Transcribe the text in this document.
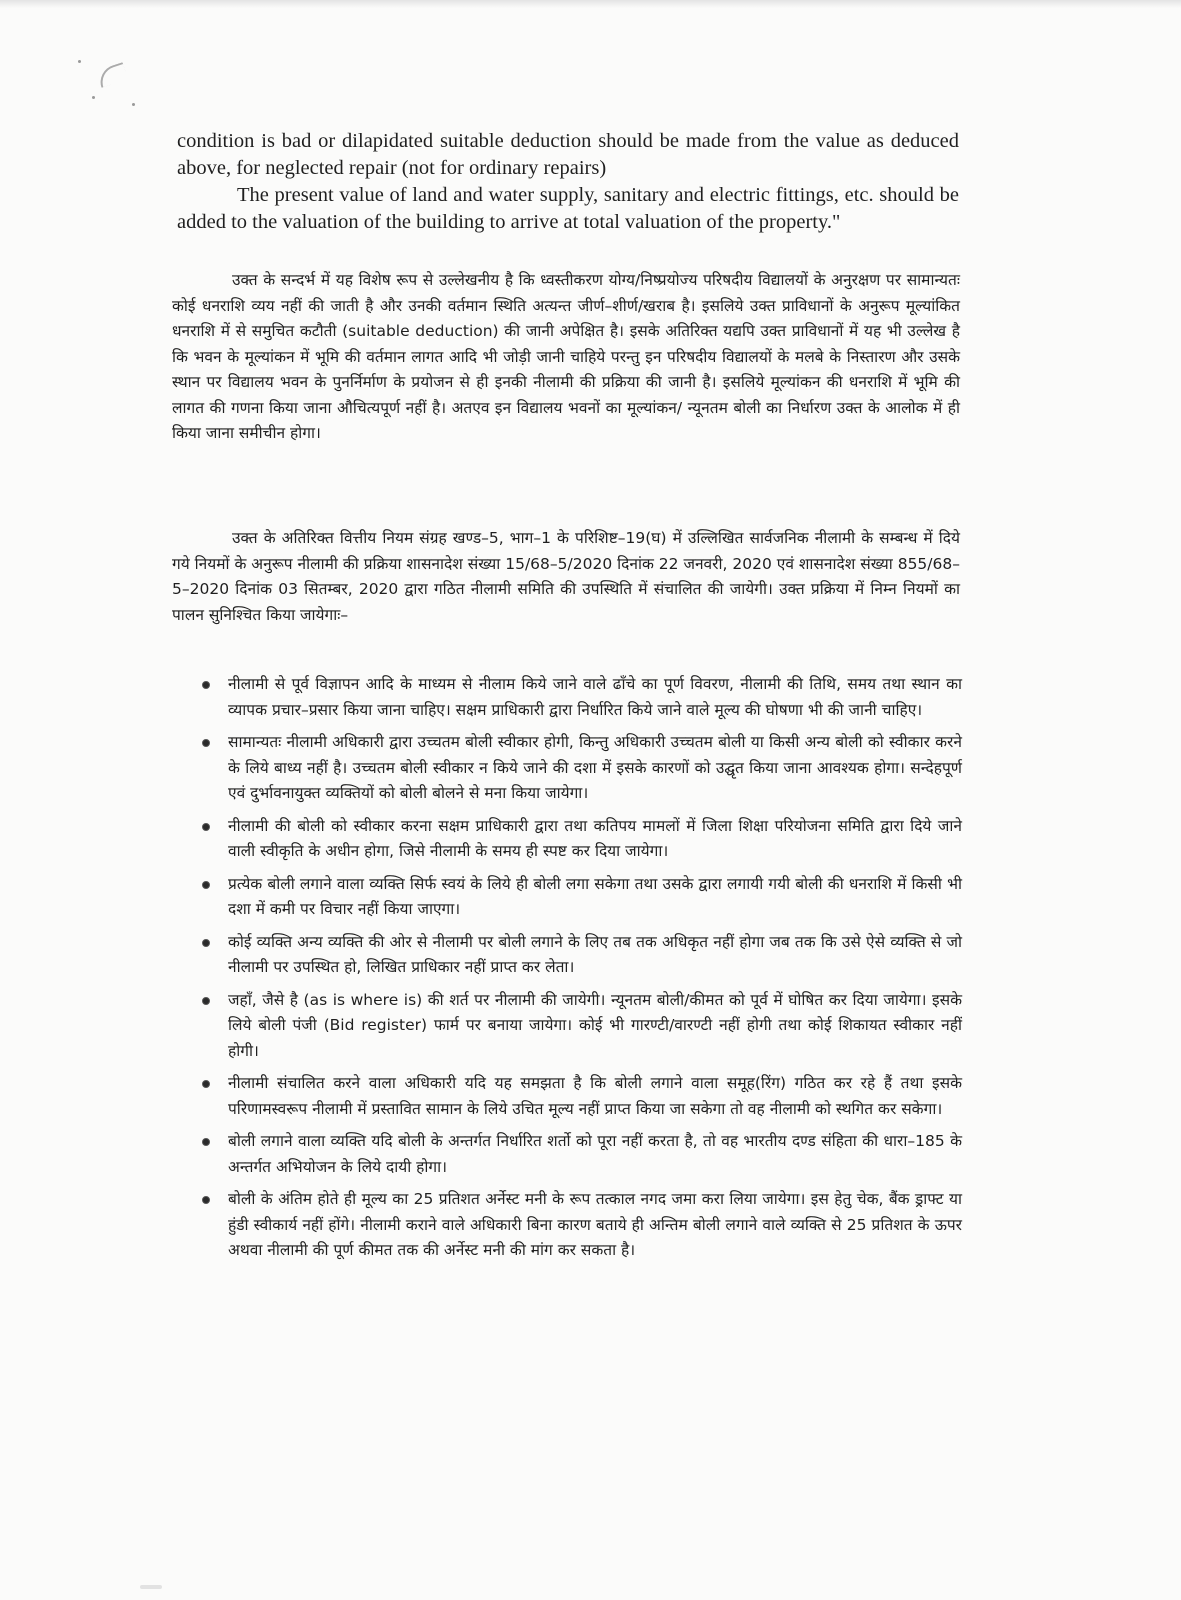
condition is bad or dilapidated suitable deduction should be made from the value as deduced above, for neglected repair (not for ordinary repairs)

The present value of land and water supply, sanitary and electric fittings, etc. should be added to the valuation of the building to arrive at total valuation of the property."

उक्त के सन्दर्भ में यह विशेष रूप से उल्लेखनीय है कि ध्वस्तीकरण योग्य/निष्प्रयोज्य परिषदीय विद्यालयों के अनुरक्षण पर सामान्यतः कोई धनराशि व्यय नहीं की जाती है और उनकी वर्तमान स्थिति अत्यन्त जीर्ण–शीर्ण/खराब है। इसलिये उक्त प्राविधानों के अनुरूप मूल्यांकित धनराशि में से समुचित कटौती (suitable deduction) की जानी अपेक्षित है। इसके अतिरिक्त यद्यपि उक्त प्राविधानों में यह भी उल्लेख है कि भवन के मूल्यांकन में भूमि की वर्तमान लागत आदि भी जोड़ी जानी चाहिये परन्तु इन परिषदीय विद्यालयों के मलबे के निस्तारण और उसके स्थान पर विद्यालय भवन के पुनर्निर्माण के प्रयोजन से ही इनकी नीलामी की प्रक्रिया की जानी है। इसलिये मूल्यांकन की धनराशि में भूमि की लागत की गणना किया जाना औचित्यपूर्ण नहीं है। अतएव इन विद्यालय भवनों का मूल्यांकन/ न्यूनतम बोली का निर्धारण उक्त के आलोक में ही किया जाना समीचीन होगा।

उक्त के अतिरिक्त वित्तीय नियम संग्रह खण्ड–5, भाग–1 के परिशिष्ट–19(घ) में उल्लिखित सार्वजनिक नीलामी के सम्बन्ध में दिये गये नियमों के अनुरूप नीलामी की प्रक्रिया शासनादेश संख्या 15/68–5/2020 दिनांक 22 जनवरी, 2020 एवं शासनादेश संख्या 855/68–5–2020 दिनांक 03 सितम्बर, 2020 द्वारा गठित नीलामी समिति की उपस्थिति में संचालित की जायेगी। उक्त प्रक्रिया में निम्न नियमों का पालन सुनिश्चित किया जायेगाः–

नीलामी से पूर्व विज्ञापन आदि के माध्यम से नीलाम किये जाने वाले ढाँचे का पूर्ण विवरण, नीलामी की तिथि, समय तथा स्थान का व्यापक प्रचार–प्रसार किया जाना चाहिए। सक्षम प्राधिकारी द्वारा निर्धारित किये जाने वाले मूल्य की घोषणा भी की जानी चाहिए।
सामान्यतः नीलामी अधिकारी द्वारा उच्चतम बोली स्वीकार होगी, किन्तु अधिकारी उच्चतम बोली या किसी अन्य बोली को स्वीकार करने के लिये बाध्य नहीं है। उच्चतम बोली स्वीकार न किये जाने की दशा में इसके कारणों को उद्घृत किया जाना आवश्यक होगा। सन्देहपूर्ण एवं दुर्भावनायुक्त व्यक्तियों को बोली बोलने से मना किया जायेगा।
नीलामी की बोली को स्वीकार करना सक्षम प्राधिकारी द्वारा तथा कतिपय मामलों में जिला शिक्षा परियोजना समिति द्वारा दिये जाने वाली स्वीकृति के अधीन होगा, जिसे नीलामी के समय ही स्पष्ट कर दिया जायेगा।
प्रत्येक बोली लगाने वाला व्यक्ति सिर्फ स्वयं के लिये ही बोली लगा सकेगा तथा उसके द्वारा लगायी गयी बोली की धनराशि में किसी भी दशा में कमी पर विचार नहीं किया जाएगा।
कोई व्यक्ति अन्य व्यक्ति की ओर से नीलामी पर बोली लगाने के लिए तब तक अधिकृत नहीं होगा जब तक कि उसे ऐसे व्यक्ति से जो नीलामी पर उपस्थित हो, लिखित प्राधिकार नहीं प्राप्त कर लेता।
जहाँ, जैसे है (as is where is) की शर्त पर नीलामी की जायेगी। न्यूनतम बोली/कीमत को पूर्व में घोषित कर दिया जायेगा। इसके लिये बोली पंजी (Bid register) फार्म पर बनाया जायेगा। कोई भी गारण्टी/वारण्टी नहीं होगी तथा कोई शिकायत स्वीकार नहीं होगी।
नीलामी संचालित करने वाला अधिकारी यदि यह समझता है कि बोली लगाने वाला समूह(रिंग) गठित कर रहे हैं तथा इसके परिणामस्वरूप नीलामी में प्रस्तावित सामान के लिये उचित मूल्य नहीं प्राप्त किया जा सकेगा तो वह नीलामी को स्थगित कर सकेगा।
बोली लगाने वाला व्यक्ति यदि बोली के अन्तर्गत निर्धारित शर्तो को पूरा नहीं करता है, तो वह भारतीय दण्ड संहिता की धारा–185 के अन्तर्गत अभियोजन के लिये दायी होगा।
बोली के अंतिम होते ही मूल्य का 25 प्रतिशत अर्नेस्ट मनी के रूप तत्काल नगद जमा करा लिया जायेगा। इस हेतु चेक, बैंक ड्राफ्ट या हुंडी स्वीकार्य नहीं होंगे। नीलामी कराने वाले अधिकारी बिना कारण बताये ही अन्तिम बोली लगाने वाले व्यक्ति से 25 प्रतिशत के ऊपर अथवा नीलामी की पूर्ण कीमत तक की अर्नेस्ट मनी की मांग कर सकता है।
